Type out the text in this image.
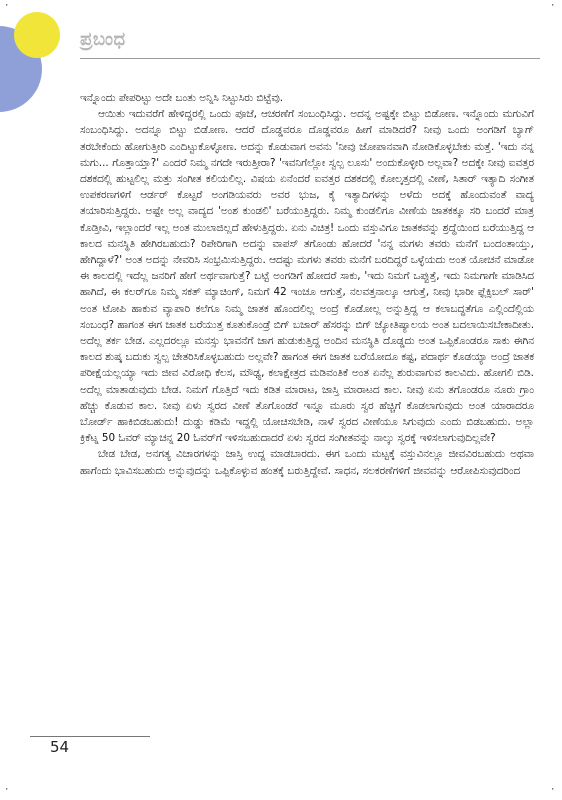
·	·
·	·
ಪ್ರಬಂಧ

ಇನ್ನೊಂದು ಪೇಪರಿಟ್ಟು ಅದೇ ಬಂತು ಅನ್ನಿಸಿ ನಿಟ್ಟುಸಿರು ಬಿಟ್ಟೆವು.

ಆಯಿತು ಇದುವರೆಗೆ ಹೇಳಿದ್ದರಲ್ಲಿ ಒಂದು ಪೂಜೆ, ಆಚರಣೆಗೆ ಸಂಬಂಧಿಸಿದ್ದು. ಅದನ್ನ ಅಷ್ಟಕ್ಕೇ ಬಿಟ್ಟು ಬಿಡೋಣ. ಇನ್ನೊಂದು ಮಗುವಿಗೆ ಸಂಬಂಧಿಸಿದ್ದು. ಅದನ್ನೂ ಬಿಟ್ಟು ಬಿಡೋಣ. ಆದರೆ ದೊಡ್ಡವರೂ ದೊಡ್ಡವರೂ ಹೀಗೆ ಮಾಡಿದರೆ? ನೀವು ಒಂದು ಅಂಗಡಿಗೆ ಬ್ಯಾಗ್ ತರಬೇಕೆಂದು ಹೋಗುತ್ತೀರಿ ಎಂದಿಟ್ಟುಕೊಳ್ಳೋಣ. ಅದನ್ನು ಕೊಡುವಾಗ ಅವನು 'ನೀವು ಜೋಪಾನವಾಗಿ ನೋಡಿಕೊಳ್ಳಬೇಕು ಮತ್ತೆ. 'ಇದು ನನ್ನ ಮಗು... ಗೊತ್ತಾಯ್ತಾ?' ಎಂದರೆ ನಿಮ್ಮ ನಗದೇ ಇರುತ್ತೀರಾ? 'ಇವನಿಗೆಲ್ಲೋ ಸ್ವಲ್ಪ ಲೂಸು' ಅಂದುಕೊಳ್ಳೀರಿ ಅಲ್ಲವಾ? ಅದಕ್ಕೇ ನೀವು ಐವತ್ತರ ದಶಕದಲ್ಲಿ ಹುಟ್ಟಲಿಲ್ಲ ಮತ್ತು ಸಂಗೀತ ಕಲಿಯಲಿಲ್ಲ. ವಿಷಯ ಏನೆಂದರೆ ಐವತ್ತರ ದಶಕದಲ್ಲಿ ಕೋಲ್ಕತ್ತದಲ್ಲಿ ವೀಣೆ, ಸಿತಾರ್ ಇತ್ಯಾದಿ ಸಂಗೀತ ಉಪಕರಣಗಳಿಗೆ ಆರ್ಡರ್ ಕೊಟ್ಟರೆ ಅಂಗಡಿಯವರು ಅವರ ಭುಜ, ಕೈ ಇತ್ಯಾದಿಗಳನ್ನು ಅಳೆದು ಅದಕ್ಕೆ ಹೊಂದುವಂತೆ ವಾದ್ಯ ತಯಾರಿಸುತ್ತಿದ್ದರು. ಅಷ್ಟೇ ಅಲ್ಲ ವಾದ್ಯದ 'ಅಂಶ ಕುಂಡಲಿ' ಬರೆಯುತ್ತಿದ್ದರು. ನಿಮ್ಮ ಕುಂಡಲಿಗೂ ವೀಣೆಯ ಜಾತಕಕ್ಕೂ ಸರಿ ಬಂದರೆ ಮಾತ್ರ ಕೊಡ್ತೀವಿ, ಇಲ್ಲಾಂದರೆ ಇಲ್ಲ ಅಂತ ಮುಲಾಜಿಲ್ಲದೆ ಹೇಳುತ್ತಿದ್ದರು. ಏನು ವಿಚಿತ್ರ! ಒಂದು ವಸ್ತುವಿಗೂ ಜಾತಕವನ್ನು ಶ್ರದ್ಧೆಯಿಂದ ಬರೆಯುತ್ತಿದ್ದ ಆ ಕಾಲದ ಮನಸ್ಥಿತಿ ಹೇಗಿರಬಹುದು? ರಿಪೇರಿಗಾಗಿ ಅದನ್ನು ವಾಪಸ್ ತಗೊಂಡು ಹೋದರೆ 'ನನ್ನ ಮಗಳು ತವರು ಮನೆಗೆ ಬಂದಂತಾಯ್ತು, ಹೇಗಿದ್ದಾಳೆ?' ಅಂತ ಅದನ್ನು ನೇವರಿಸಿ ಸಂಭ್ರಮಿಸುತ್ತಿದ್ದರು. ಆದಷ್ಟು ಮಗಳು ತವರು ಮನೆಗೆ ಬರದಿದ್ದರೆ ಒಳ್ಳೆಯದು ಅಂತ ಯೋಚನೆ ಮಾಡೋ ಈ ಕಾಲದಲ್ಲಿ ಇದೆಲ್ಲ ಜನರಿಗೆ ಹೇಗೆ ಅರ್ಥವಾಗುತ್ತೆ? ಬಟ್ಟೆ ಅಂಗಡಿಗೆ ಹೋದರೆ ಸಾಕು, 'ಇದು ನಿಮಗೆ ಒಪ್ಪುತ್ತೆ, ಇದು ನಿಮಗಾಗೇ ಮಾಡಿಸಿದ ಹಾಗಿದೆ, ಈ ಕಲರ್‌ಗೂ ನಿಮ್ಮ ಸಕತ್ ಮ್ಯಾಚಿಂಗ್, ನಿಮಗೆ 42 ಇಂಚೂ ಆಗುತ್ತೆ, ನಲವತ್ತನಾಲ್ಕೂ ಆಗುತ್ತೆ, ನೀವು ಭಾರೀ ಫ್ಲೆಕ್ಸಿಬಲ್ ಸಾರ್' ಅಂತ ಟೋಪಿ ಹಾಕುವ ವ್ಯಾಪಾರಿ ಕಲೆಗೂ ನಿಮ್ಮ ಜಾತಕ ಹೊಂದಲಿಲ್ಲ ಅಂದ್ರೆ ಕೊಡೋಲ್ಲ ಅನ್ನುತ್ತಿದ್ದ ಆ ಕಲಾಬದ್ಧತೆಗೂ ಎಲ್ಲಿಂದೆಲ್ಲಿಯ ಸಂಬಂಧ? ಹಾಗಂತ ಈಗ ಜಾತಕ ಬರೆಯುತ್ತ ಕೂತುಕೊಂಡ್ರೆ ಬಿಗ್ ಬಜಾರ್ ಹೆಸರನ್ನು ಬಿಗ್ ಜ್ಯೋತಿಷ್ಯಾಲಯ ಅಂತ ಬದಲಾಯಿಸಬೇಕಾದೀತು. ಅದೆಲ್ಲ ತರ್ಕ ಬೇಡ. ಎಲ್ಲದರಲ್ಲೂ ಮನಸ್ಸು ಭಾವನೆಗೆ ಜಾಗ ಹುಡುಕುತ್ತಿದ್ದ ಅಂದಿನ ಮನಸ್ಥಿತಿ ದೊಡ್ಡದು ಅಂತ ಒಪ್ಪಿಕೊಂಡರೂ ಸಾಕು ಈಗಿನ ಕಾಲದ ಶುಷ್ಕ ಬದುಕು ಸ್ವಲ್ಪ ಚೇತರಿಸಿಕೊಳ್ಳಬಹುದು ಅಲ್ಲವೇ? ಹಾಗಂತ ಈಗ ಜಾತಕ ಬರೆಯೋದೂ ಕಷ್ಟ, ಪದಾರ್ಥ ಕೊಡಯ್ಯಾ ಅಂದ್ರೆ ಜಾತಕ ಪರೀಕ್ಷೆಯಲ್ಲಯ್ಯಾ ಇದು ಜೀವ ವಿರೋಧಿ ಕೆಲಸ, ಮೌಢ್ಯ, ಕಲಾಕ್ಷೇತ್ರದ ಮಡಿವಂತಿಕೆ ಅಂತ ಏನೆಲ್ಲ ಶುರುವಾಗುವ ಕಾಲವಿದು. ಹೋಗಲಿ ಬಿಡಿ. ಅದೆಲ್ಲ ಮಾತಾಡುವುದು ಬೇಡ. ನಿಮಗೆ ಗೊತ್ತಿದೆ ಇದು ಕಡಿತ ಮಾರಾಟ, ಜಾಸ್ತಿ ಮಾರಾಟದ ಕಾಲ. ನೀವು ಏನು ತಗೊಂಡರೂ ನೂರು ಗ್ರಾಂ ಹೆಚ್ಚು ಕೊಡುವ ಕಾಲ. ನೀವು ಏಳು ಸ್ವರದ ವೀಣೆ ತೊಗೊಂಡರೆ ಇನ್ನೂ ಮೂರು ಸ್ವರ ಹೆಚ್ಚಿಗೆ ಕೊಡಲಾಗುವುದು ಅಂತ ಯಾರಾದರೂ ಬೋರ್ಡ್ ಹಾಕಿಬಿಡಬಹುದು! ದುಡ್ಡು ಕಡಿಮೆ ಇದ್ದಲ್ಲಿ ಯೋಚಿಸಬೇಡಿ, ನಾಳೆ ಸ್ವರದ ವೀಣೆಯೂ ಸಿಗುವುದು ಎಂದು ಬಿಡಬಹುದು. ಅಲ್ಲಾ ಕ್ರಿಕೆಟ್ನ 50 ಓವರ್ ಮ್ಯಾಚನ್ನ 20 ಓವರ್‌ಗೆ ಇಳಿಸಬಹುದಾದರೆ ಏಳು ಸ್ವರದ ಸಂಗೀತವನ್ನು ನಾಲ್ಕು ಸ್ವರಕ್ಕೆ ಇಳಿಸಲಾಗುವುದಿಲ್ಲವೇ?

ಬೇಡ ಬೇಡ, ಅನಗತ್ಯ ವಿಚಾರಗಳನ್ನು ಜಾಸ್ತಿ ಉದ್ದ ಮಾಡಬಾರದು. ಈಗ ಒಂದು ಮಟ್ಟಕ್ಕೆ ವಸ್ತುವಿನಲ್ಲೂ ಜೀವವಿರಬಹುದು ಅಥವಾ ಹಾಗೆಂದು ಭಾವಿಸಬಹುದು ಅನ್ನುವುದನ್ನು ಒಪ್ಪಿಕೊಳ್ಳುವ ಹಂತಕ್ಕೆ ಬರುತ್ತಿದ್ದೇವೆ. ಸಾಧನ, ಸಲಕರಣೆಗಳಿಗೆ ಜೀವವನ್ನು ಆರೋಪಿಸುವುದರಿಂದ

54
